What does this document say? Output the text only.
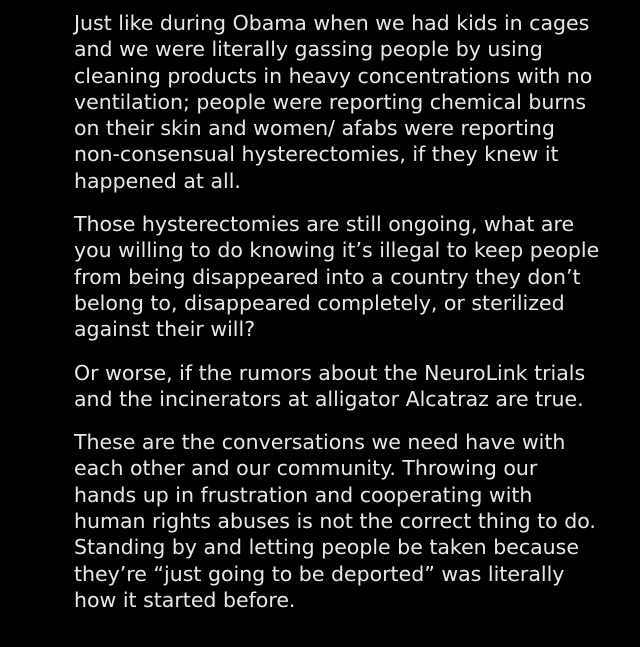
Just like during Obama when we had kids in cages
and we were literally gassing people by using
cleaning products in heavy concentrations with no
ventilation; people were reporting chemical burns
on their skin and women/ afabs were reporting
non-consensual hysterectomies, if they knew it
happened at all.

Those hysterectomies are still ongoing, what are
you willing to do knowing it’s illegal to keep people
from being disappeared into a country they don’t
belong to, disappeared completely, or sterilized
against their will?

Or worse, if the rumors about the NeuroLink trials
and the incinerators at alligator Alcatraz are true.

These are the conversations we need have with
each other and our community. Throwing our
hands up in frustration and cooperating with
human rights abuses is not the correct thing to do.
Standing by and letting people be taken because
they’re “just going to be deported” was literally
how it started before.
